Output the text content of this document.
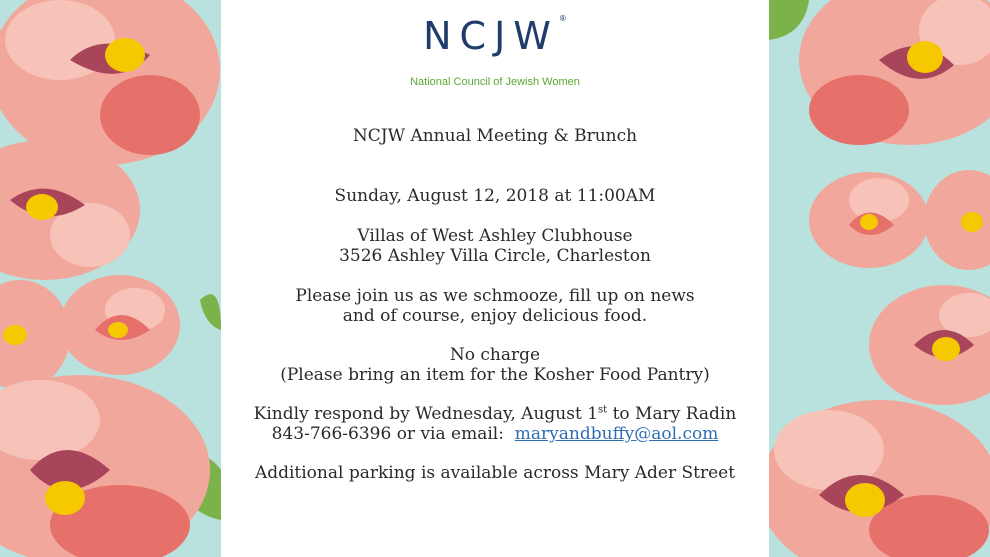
NCJW®
National Council of Jewish Women
NCJW Annual Meeting & Brunch
Sunday, August 12, 2018 at 11:00AM
Villas of West Ashley Clubhouse
3526 Ashley Villa Circle, Charleston
Please join us as we schmooze, fill up on news
and of course, enjoy delicious food.
No charge
(Please bring an item for the Kosher Food Pantry)
Kindly respond by Wednesday, August 1st to Mary Radin
843-766-6396 or via email: maryandbuffy@aol.com
Additional parking is available across Mary Ader Street
